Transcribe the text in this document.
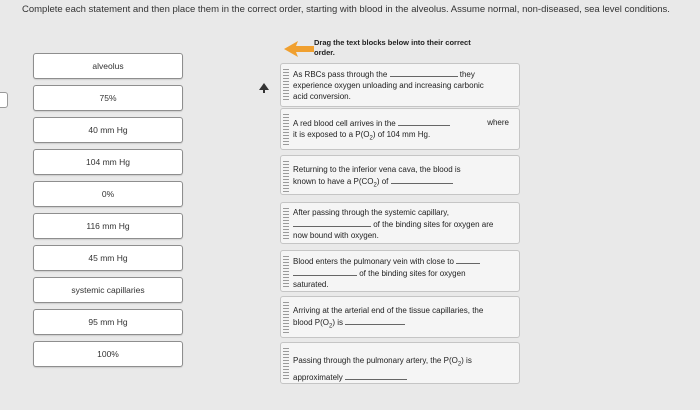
Complete each statement and then place them in the correct order, starting with blood in the alveolus. Assume normal, non-diseased, sea level conditions.
alveolus
75%
40 mm Hg
104 mm Hg
0%
116 mm Hg
45 mm Hg
systemic capillaries
95 mm Hg
100%
Drag the text blocks below into their correct order.
As RBCs pass through the	they
experience oxygen unloading and increasing carbonic
acid conversion.
A red blood cell arrives in the	where
it is exposed to a $P(O_2)$ of 104 mm Hg.
Returning to the inferior vena cava, the blood is
known to have a $P(CO_2)$ of
After passing through the systemic capillary,
of the binding sites for oxygen are
now bound with oxygen.
Blood enters the pulmonary vein with close to
of the binding sites for oxygen
saturated.
Arriving at the arterial end of the tissue capillaries, the
blood $P(O_2)$ is
Passing through the pulmonary artery, the $P(O_2)$ is
approximately
